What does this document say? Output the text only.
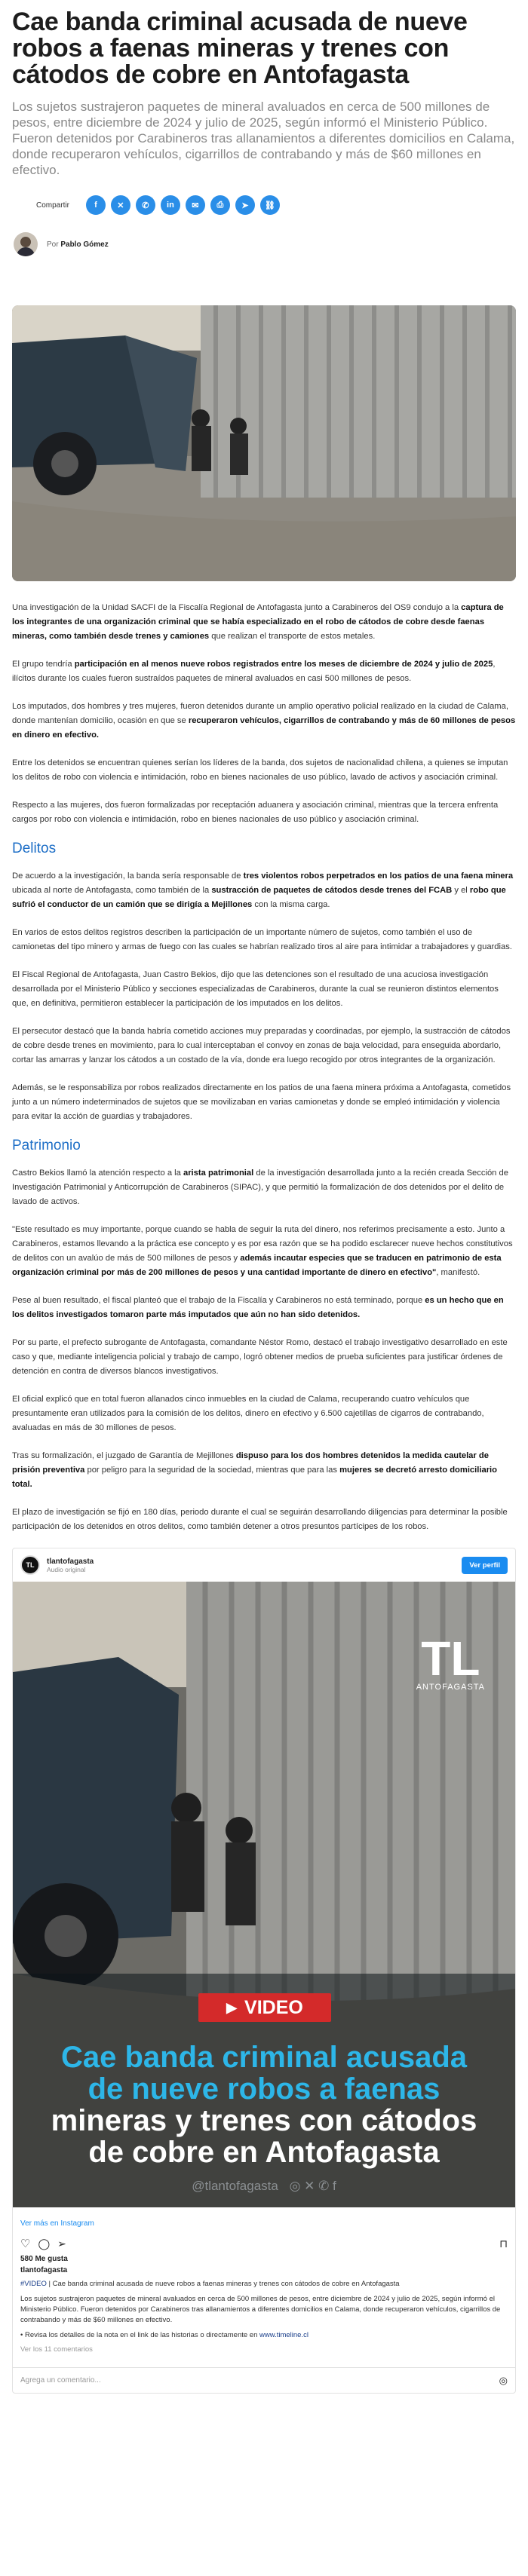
Cae banda criminal acusada de nueve robos a faenas mineras y trenes con cátodos de cobre en Antofagasta

Los sujetos sustrajeron paquetes de mineral avaluados en cerca de 500 millones de pesos, entre diciembre de 2024 y julio de 2025, según informó el Ministerio Público. Fueron detenidos por Carabineros tras allanamientos a diferentes domicilios en Calama, donde recuperaron vehículos, cigarrillos de contrabando y más de $60 millones en efectivo.

Compartir	f	✕	✆	in	✉	⎙	➤	⛓
Por Pablo Gómez

Una investigación de la Unidad SACFI de la Fiscalía Regional de Antofagasta junto a Carabineros del OS9 condujo a la captura de los integrantes de una organización criminal que se había especializado en el robo de cátodos de cobre desde faenas mineras, como también desde trenes y camiones que realizan el transporte de estos metales.

El grupo tendría participación en al menos nueve robos registrados entre los meses de diciembre de 2024 y julio de 2025, ilícitos durante los cuales fueron sustraídos paquetes de mineral avaluados en casi 500 millones de pesos.

Los imputados, dos hombres y tres mujeres, fueron detenidos durante un amplio operativo policial realizado en la ciudad de Calama, donde mantenían domicilio, ocasión en que se recuperaron vehículos, cigarrillos de contrabando y más de 60 millones de pesos en dinero en efectivo.

Entre los detenidos se encuentran quienes serían los líderes de la banda, dos sujetos de nacionalidad chilena, a quienes se imputan los delitos de robo con violencia e intimidación, robo en bienes nacionales de uso público, lavado de activos y asociación criminal.

Respecto a las mujeres, dos fueron formalizadas por receptación aduanera y asociación criminal, mientras que la tercera enfrenta cargos por robo con violencia e intimidación, robo en bienes nacionales de uso público y asociación criminal.

Delitos

De acuerdo a la investigación, la banda sería responsable de tres violentos robos perpetrados en los patios de una faena minera ubicada al norte de Antofagasta, como también de la sustracción de paquetes de cátodos desde trenes del FCAB y el robo que sufrió el conductor de un camión que se dirigía a Mejillones con la misma carga.

En varios de estos delitos registros describen la participación de un importante número de sujetos, como también el uso de camionetas del tipo minero y armas de fuego con las cuales se habrían realizado tiros al aire para intimidar a trabajadores y guardias.

El Fiscal Regional de Antofagasta, Juan Castro Bekios, dijo que las detenciones son el resultado de una acuciosa investigación desarrollada por el Ministerio Público y secciones especializadas de Carabineros, durante la cual se reunieron distintos elementos que, en definitiva, permitieron establecer la participación de los imputados en los delitos.

El persecutor destacó que la banda habría cometido acciones muy preparadas y coordinadas, por ejemplo, la sustracción de cátodos de cobre desde trenes en movimiento, para lo cual interceptaban el convoy en zonas de baja velocidad, para enseguida abordarlo, cortar las amarras y lanzar los cátodos a un costado de la vía, donde era luego recogido por otros integrantes de la organización.

Además, se le responsabiliza por robos realizados directamente en los patios de una faena minera próxima a Antofagasta, cometidos junto a un número indeterminados de sujetos que se movilizaban en varias camionetas y donde se empleó intimidación y violencia para evitar la acción de guardias y trabajadores.

Patrimonio

Castro Bekios llamó la atención respecto a la arista patrimonial de la investigación desarrollada junto a la recién creada Sección de Investigación Patrimonial y Anticorrupción de Carabineros (SIPAC), y que permitió la formalización de dos detenidos por el delito de lavado de activos.

"Este resultado es muy importante, porque cuando se habla de seguir la ruta del dinero, nos referimos precisamente a esto. Junto a Carabineros, estamos llevando a la práctica ese concepto y es por esa razón que se ha podido esclarecer nueve hechos constitutivos de delitos con un avalúo de más de 500 millones de pesos y además incautar especies que se traducen en patrimonio de esta organización criminal por más de 200 millones de pesos y una cantidad importante de dinero en efectivo", manifestó.

Pese al buen resultado, el fiscal planteó que el trabajo de la Fiscalía y Carabineros no está terminado, porque es un hecho que en los delitos investigados tomaron parte más imputados que aún no han sido detenidos.

Por su parte, el prefecto subrogante de Antofagasta, comandante Néstor Romo, destacó el trabajo investigativo desarrollado en este caso y que, mediante inteligencia policial y trabajo de campo, logró obtener medios de prueba suficientes para justificar órdenes de detención en contra de diversos blancos investigativos.

El oficial explicó que en total fueron allanados cinco inmuebles en la ciudad de Calama, recuperando cuatro vehículos que presuntamente eran utilizados para la comisión de los delitos, dinero en efectivo y 6.500 cajetillas de cigarros de contrabando, avaluadas en más de 30 millones de pesos.

Tras su formalización, el juzgado de Garantía de Mejillones dispuso para los dos hombres detenidos la medida cautelar de prisión preventiva por peligro para la seguridad de la sociedad, mientras que para las mujeres se decretó arresto domiciliario total.

El plazo de investigación se fijó en 180 días, periodo durante el cual se seguirán desarrollando diligencias para determinar la posible participación de los detenidos en otros delitos, como también detener a otros presuntos partícipes de los robos.

TL	tlantofagasta
Audio original	Ver perfil
TL
ANTOFAGASTA
▶ VIDEO
Cae banda criminal acusada
de nueve robos a faenas
mineras y trenes con cátodos
de cobre en Antofagasta
@tlantofagasta ◎ ✕ ✆ f
Ver más en Instagram
♡ ◯ ➢	⊓
580 Me gusta
tlantofagasta
#VIDEO | Cae banda criminal acusada de nueve robos a faenas mineras y trenes con cátodos de cobre en Antofagasta
Los sujetos sustrajeron paquetes de mineral avaluados en cerca de 500 millones de pesos, entre diciembre de 2024 y julio de 2025, según informó el Ministerio Público. Fueron detenidos por Carabineros tras allanamientos a diferentes domicilios en Calama, donde recuperaron vehículos, cigarrillos de contrabando y más de $60 millones en efectivo.
• Revisa los detalles de la nota en el link de las historias o directamente en www.timeline.cl
Ver los 11 comentarios
Agrega un comentario...	◎
